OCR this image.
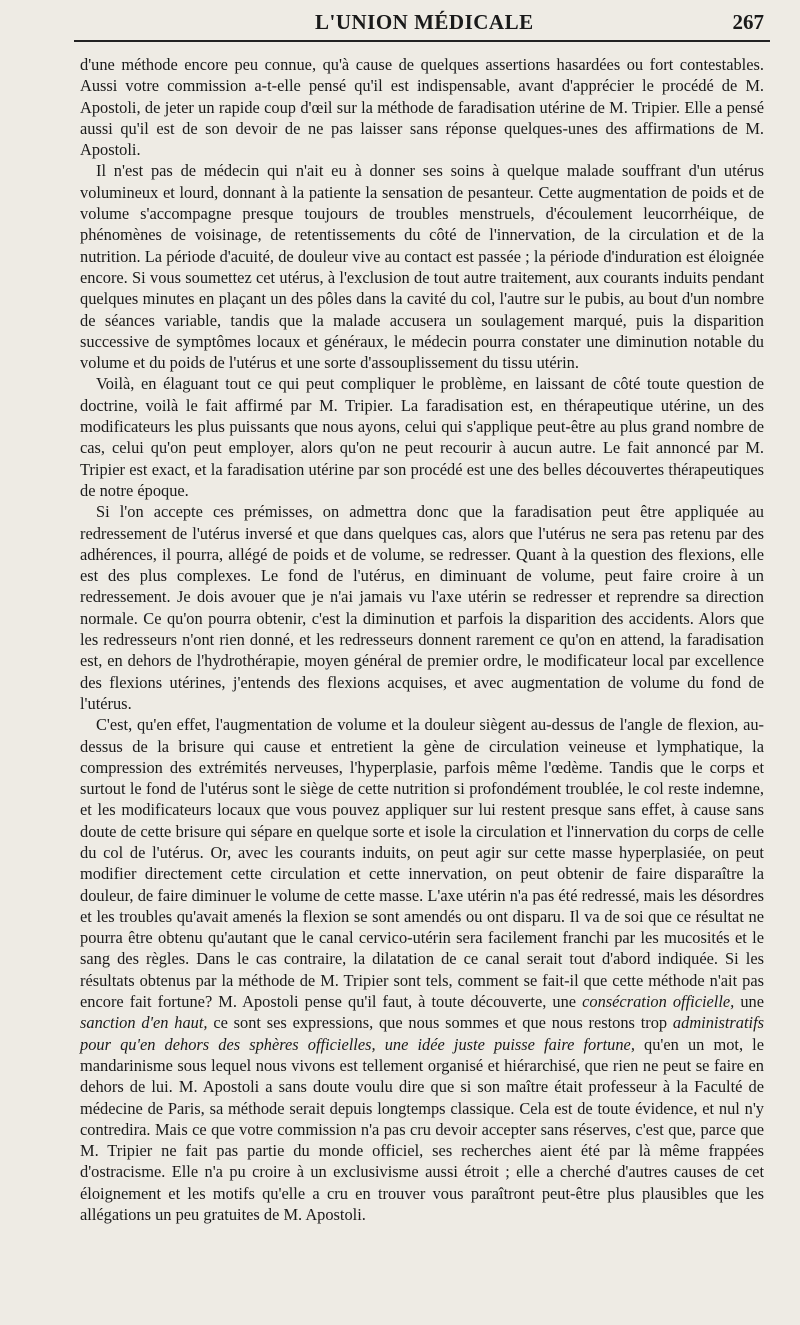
L'UNION MÉDICALE	267

d'une méthode encore peu connue, qu'à cause de quelques assertions hasardées ou fort contestables. Aussi votre commission a-t-elle pensé qu'il est indispensable, avant d'apprécier le procédé de M. Apostoli, de jeter un rapide coup d'œil sur la méthode de faradisation utérine de M. Tripier. Elle a pensé aussi qu'il est de son devoir de ne pas laisser sans réponse quelques-unes des affirmations de M. Apostoli.

Il n'est pas de médecin qui n'ait eu à donner ses soins à quelque malade souffrant d'un utérus volumineux et lourd, donnant à la patiente la sensation de pesanteur. Cette augmentation de poids et de volume s'accompagne presque toujours de troubles menstruels, d'écoulement leucorrhéique, de phénomènes de voisinage, de retentissements du côté de l'innervation, de la circulation et de la nutrition. La période d'acuité, de douleur vive au contact est passée ; la période d'induration est éloignée encore. Si vous soumettez cet utérus, à l'exclusion de tout autre traitement, aux courants induits pendant quelques minutes en plaçant un des pôles dans la cavité du col, l'autre sur le pubis, au bout d'un nombre de séances variable, tandis que la malade accusera un soulagement marqué, puis la disparition successive de symptômes locaux et généraux, le médecin pourra constater une diminution notable du volume et du poids de l'utérus et une sorte d'assouplissement du tissu utérin.

Voilà, en élaguant tout ce qui peut compliquer le problème, en laissant de côté toute question de doctrine, voilà le fait affirmé par M. Tripier. La faradisation est, en thérapeutique utérine, un des modificateurs les plus puissants que nous ayons, celui qui s'applique peut-être au plus grand nombre de cas, celui qu'on peut employer, alors qu'on ne peut recourir à aucun autre. Le fait annoncé par M. Tripier est exact, et la faradisation utérine par son procédé est une des belles découvertes thérapeutiques de notre époque.

Si l'on accepte ces prémisses, on admettra donc que la faradisation peut être appliquée au redressement de l'utérus inversé et que dans quelques cas, alors que l'utérus ne sera pas retenu par des adhérences, il pourra, allégé de poids et de volume, se redresser. Quant à la question des flexions, elle est des plus complexes. Le fond de l'utérus, en diminuant de volume, peut faire croire à un redressement. Je dois avouer que je n'ai jamais vu l'axe utérin se redresser et reprendre sa direction normale. Ce qu'on pourra obtenir, c'est la diminution et parfois la disparition des accidents. Alors que les redresseurs n'ont rien donné, et les redresseurs donnent rarement ce qu'on en attend, la faradisation est, en dehors de l'hydrothérapie, moyen général de premier ordre, le modificateur local par excellence des flexions utérines, j'entends des flexions acquises, et avec augmentation de volume du fond de l'utérus.

C'est, qu'en effet, l'augmentation de volume et la douleur siègent au-dessus de l'angle de flexion, au-dessus de la brisure qui cause et entretient la gène de circulation veineuse et lymphatique, la compression des extrémités nerveuses, l'hyperplasie, parfois même l'œdème. Tandis que le corps et surtout le fond de l'utérus sont le siège de cette nutrition si profondément troublée, le col reste indemne, et les modificateurs locaux que vous pouvez appliquer sur lui restent presque sans effet, à cause sans doute de cette brisure qui sépare en quelque sorte et isole la circulation et l'innervation du corps de celle du col de l'utérus. Or, avec les courants induits, on peut agir sur cette masse hyperplasiée, on peut modifier directement cette circulation et cette innervation, on peut obtenir de faire disparaître la douleur, de faire diminuer le volume de cette masse. L'axe utérin n'a pas été redressé, mais les désordres et les troubles qu'avait amenés la flexion se sont amendés ou ont disparu. Il va de soi que ce résultat ne pourra être obtenu qu'autant que le canal cervico-utérin sera facilement franchi par les mucosités et le sang des règles. Dans le cas contraire, la dilatation de ce canal serait tout d'abord indiquée. Si les résultats obtenus par la méthode de M. Tripier sont tels, comment se fait-il que cette méthode n'ait pas encore fait fortune? M. Apostoli pense qu'il faut, à toute découverte, une consécration officielle, une sanction d'en haut, ce sont ses expressions, que nous sommes et que nous restons trop administratifs pour qu'en dehors des sphères officielles, une idée juste puisse faire fortune, qu'en un mot, le mandarinisme sous lequel nous vivons est tellement organisé et hiérarchisé, que rien ne peut se faire en dehors de lui. M. Apostoli a sans doute voulu dire que si son maître était professeur à la Faculté de médecine de Paris, sa méthode serait depuis longtemps classique. Cela est de toute évidence, et nul n'y contredira. Mais ce que votre commission n'a pas cru devoir accepter sans réserves, c'est que, parce que M. Tripier ne fait pas partie du monde officiel, ses recherches aient été par là même frappées d'ostracisme. Elle n'a pu croire à un exclusivisme aussi étroit ; elle a cherché d'autres causes de cet éloignement et les motifs qu'elle a cru en trouver vous paraîtront peut-être plus plausibles que les allégations un peu gratuites de M. Apostoli.
